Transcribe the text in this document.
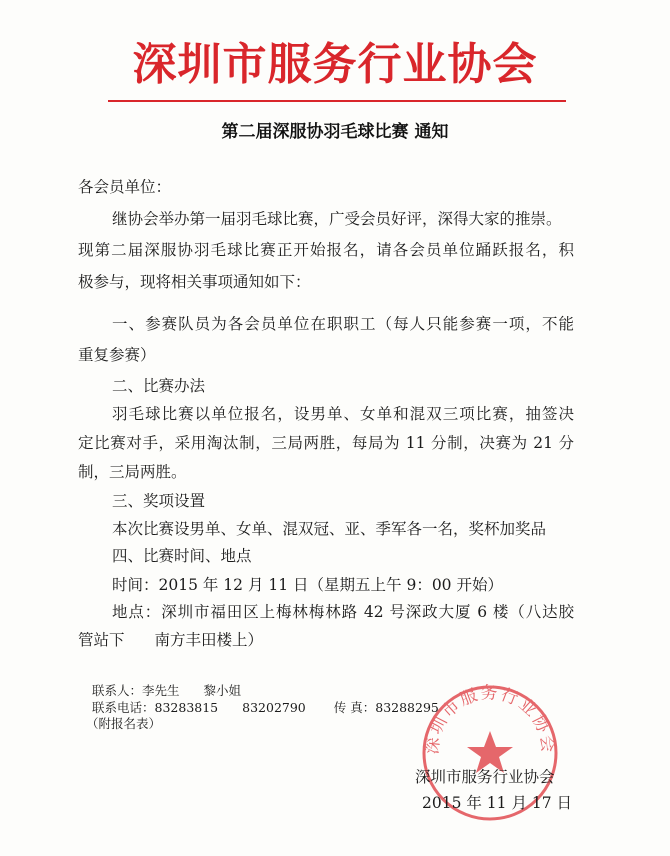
深圳市服务行业协会
第二届深服协羽毛球比赛 通知
各会员单位：
继协会举办第一届羽毛球比赛，广受会员好评，深得大家的推崇。
现第二届深服协羽毛球比赛正开始报名，请各会员单位踊跃报名，积
极参与，现将相关事项通知如下：
一、参赛队员为各会员单位在职职工（每人只能参赛一项，不能
重复参赛）
二、比赛办法
羽毛球比赛以单位报名，设男单、女单和混双三项比赛，抽签决
定比赛对手，采用淘汰制，三局两胜，每局为 11 分制，决赛为 21 分
制，三局两胜。
三、奖项设置
本次比赛设男单、女单、混双冠、亚、季军各一名，奖杯加奖品
四、比赛时间、地点
时间：2015 年 12 月 11 日（星期五上午 9：00 开始）
地点：深圳市福田区上梅林梅林路 42 号深政大厦 6 楼（八达胶
管站下 南方丰田楼上）
联系人：李先生 黎小姐
联系电话：83283815 83202790 传 真：83288295
（附报名表）
深圳市服务行业协会
深圳市服务行业协会
2015 年 11 月 17 日
